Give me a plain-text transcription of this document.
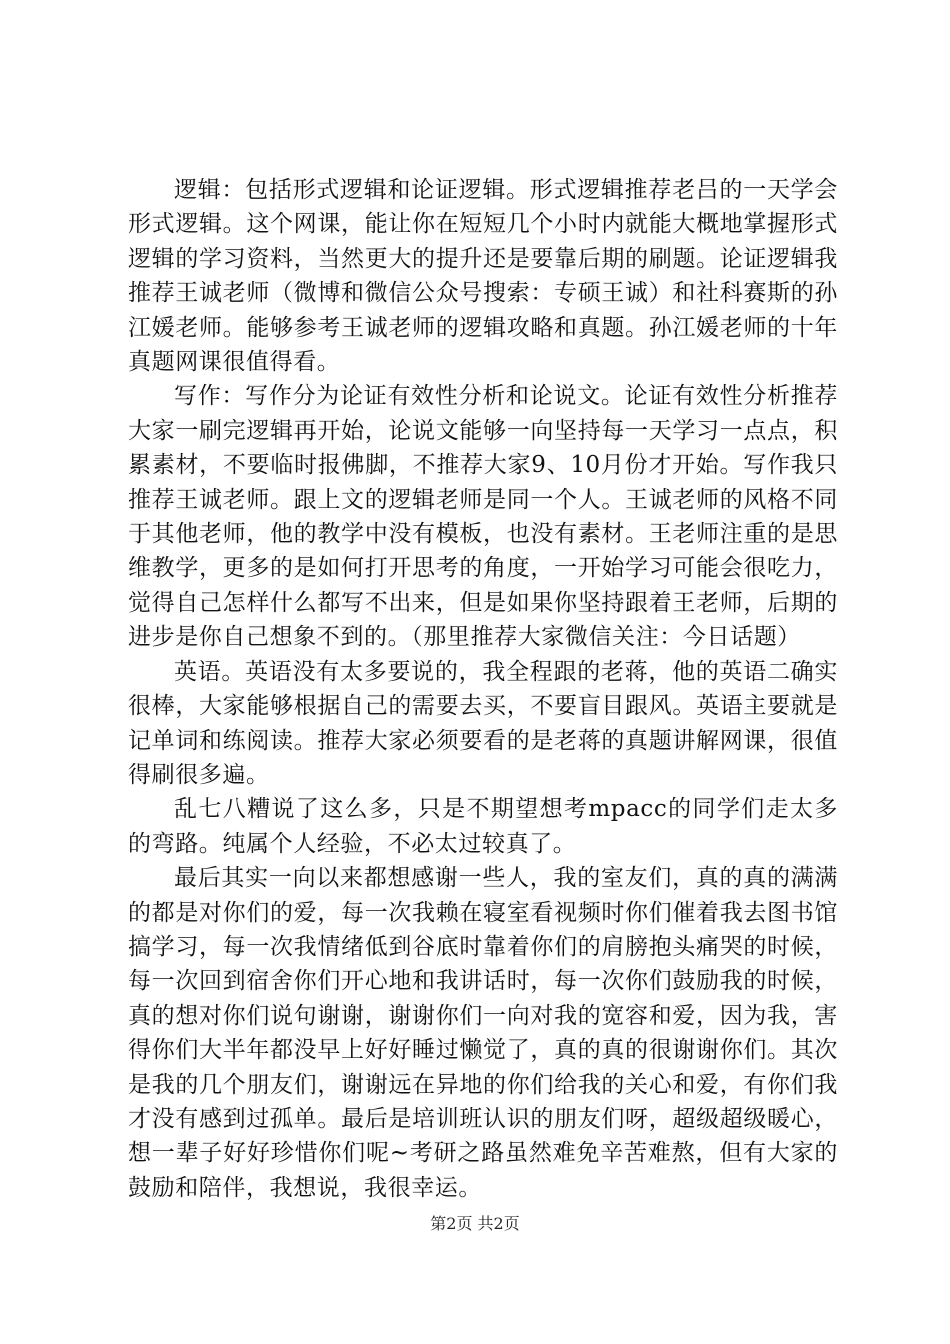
逻辑：包括形式逻辑和论证逻辑。形式逻辑推荐老吕的一天学会形式逻辑。这个网课，能让你在短短几个小时内就能大概地掌握形式逻辑的学习资料，当然更大的提升还是要靠后期的刷题。论证逻辑我推荐王诚老师（微博和微信公众号搜索：专硕王诚）和社科赛斯的孙江媛老师。能够参考王诚老师的逻辑攻略和真题。孙江媛老师的十年真题网课很值得看。

写作：写作分为论证有效性分析和论说文。论证有效性分析推荐大家一刷完逻辑再开始，论说文能够一向坚持每一天学习一点点，积累素材，不要临时报佛脚，不推荐大家9、10月份才开始。写作我只推荐王诚老师。跟上文的逻辑老师是同一个人。王诚老师的风格不同于其他老师，他的教学中没有模板，也没有素材。王老师注重的是思维教学，更多的是如何打开思考的角度，一开始学习可能会很吃力，觉得自己怎样什么都写不出来，但是如果你坚持跟着王老师，后期的进步是你自己想象不到的。（那里推荐大家微信关注：今日话题）

英语。英语没有太多要说的，我全程跟的老蒋，他的英语二确实很棒，大家能够根据自己的需要去买，不要盲目跟风。英语主要就是记单词和练阅读。推荐大家必须要看的是老蒋的真题讲解网课，很值得刷很多遍。

乱七八糟说了这么多，只是不期望想考mpacc的同学们走太多的弯路。纯属个人经验，不必太过较真了。

最后其实一向以来都想感谢一些人，我的室友们，真的真的满满的都是对你们的爱，每一次我赖在寝室看视频时你们催着我去图书馆搞学习，每一次我情绪低到谷底时靠着你们的肩膀抱头痛哭的时候，每一次回到宿舍你们开心地和我讲话时，每一次你们鼓励我的时候，真的想对你们说句谢谢，谢谢你们一向对我的宽容和爱，因为我，害得你们大半年都没早上好好睡过懒觉了，真的真的很谢谢你们。其次是我的几个朋友们，谢谢远在异地的你们给我的关心和爱，有你们我才没有感到过孤单。最后是培训班认识的朋友们呀，超级超级暖心，想一辈子好好珍惜你们呢~考研之路虽然难免辛苦难熬，但有大家的鼓励和陪伴，我想说，我很幸运。

第2页 共2页
